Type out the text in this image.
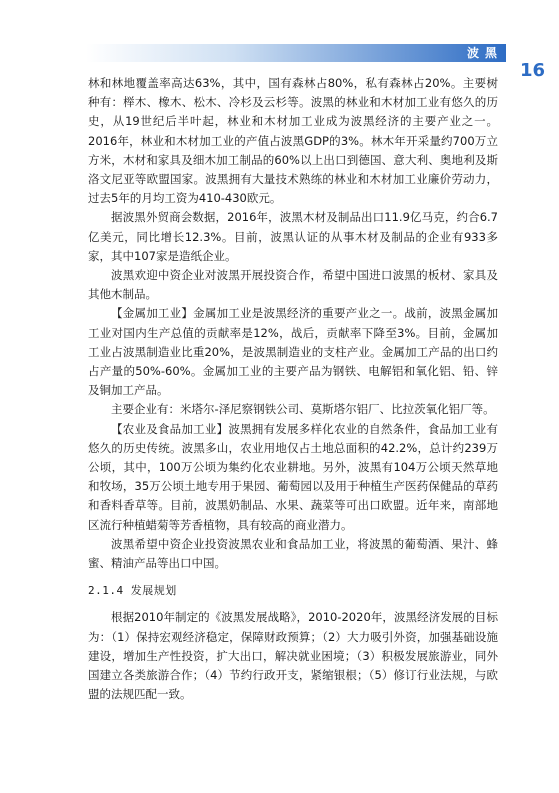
波黑
16

林和林地覆盖率高达63%，其中，国有森林占80%，私有森林占20%。主要树种有：榉木、橡木、松木、冷杉及云杉等。波黑的林业和木材加工业有悠久的历史，从19世纪后半叶起，林业和木材加工业成为波黑经济的主要产业之一。2016年，林业和木材加工业的产值占波黑GDP的3%。林木年开采量约700万立方米，木材和家具及细木加工制品的60%以上出口到德国、意大利、奥地利及斯洛文尼亚等欧盟国家。波黑拥有大量技术熟练的林业和木材加工业廉价劳动力，过去5年的月均工资为410-430欧元。

据波黑外贸商会数据，2016年，波黑木材及制品出口11.9亿马克，约合6.7亿美元，同比增长12.3%。目前，波黑认证的从事木材及制品的企业有933多家，其中107家是造纸企业。

波黑欢迎中资企业对波黑开展投资合作，希望中国进口波黑的板材、家具及其他木制品。

【金属加工业】金属加工业是波黑经济的重要产业之一。战前，波黑金属加工业对国内生产总值的贡献率是12%，战后，贡献率下降至3%。目前，金属加工业占波黑制造业比重20%，是波黑制造业的支柱产业。金属加工产品的出口约占产量的50%-60%。金属加工业的主要产品为钢铁、电解铝和氧化铝、铅、锌及铜加工产品。

主要企业有：米塔尔-泽尼察钢铁公司、莫斯塔尔铝厂、比拉茨氧化铝厂等。

【农业及食品加工业】波黑拥有发展多样化农业的自然条件，食品加工业有悠久的历史传统。波黑多山，农业用地仅占土地总面积的42.2%，总计约239万公顷，其中，100万公顷为集约化农业耕地。另外，波黑有104万公顷天然草地和牧场，35万公顷土地专用于果园、葡萄园以及用于种植生产医药保健品的草药和香料香草等。目前，波黑奶制品、水果、蔬菜等可出口欧盟。近年来，南部地区流行种植蜡菊等芳香植物，具有较高的商业潜力。

波黑希望中资企业投资波黑农业和食品加工业，将波黑的葡萄酒、果汁、蜂蜜、精油产品等出口中国。

2.1.4 发展规划

根据2010年制定的《波黑发展战略》，2010-2020年，波黑经济发展的目标为：（1）保持宏观经济稳定，保障财政预算；（2）大力吸引外资，加强基础设施建设，增加生产性投资，扩大出口，解决就业困境；（3）积极发展旅游业，同外国建立各类旅游合作；（4）节约行政开支，紧缩银根；（5）修订行业法规，与欧盟的法规匹配一致。
